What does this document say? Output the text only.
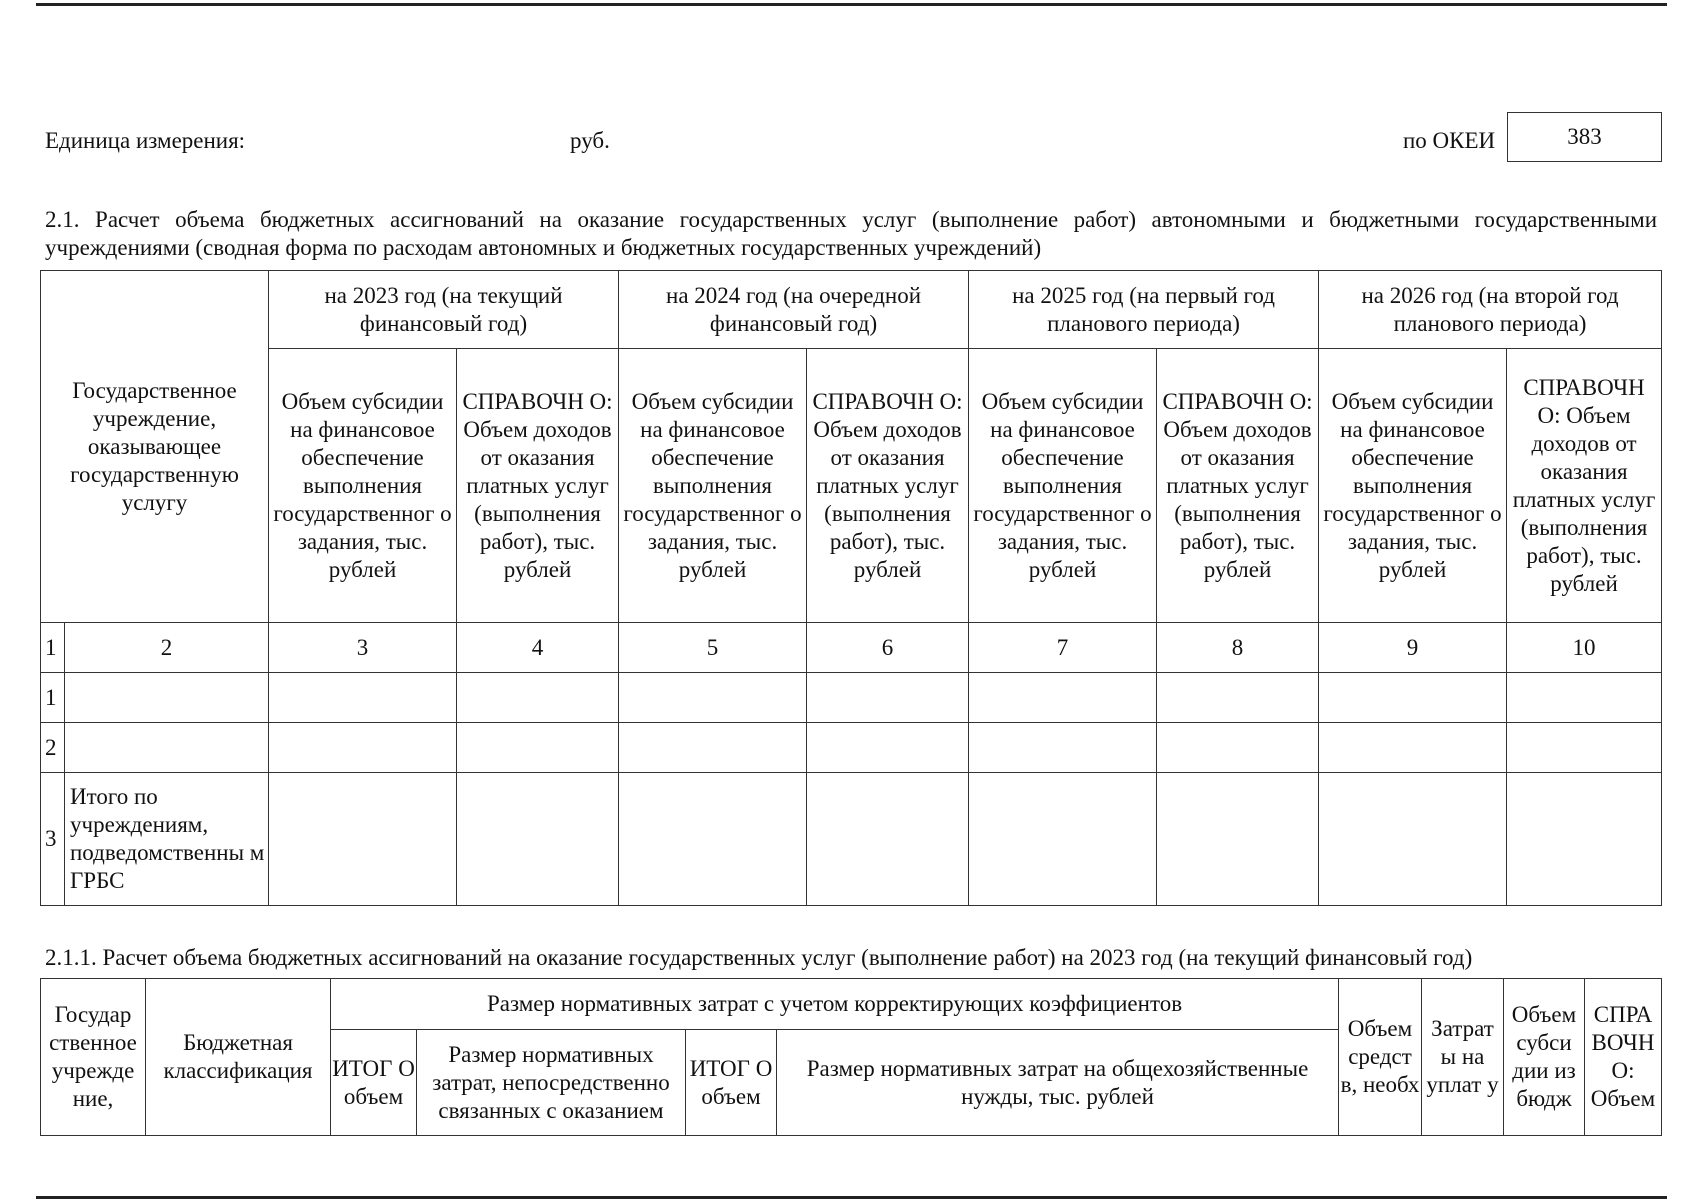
Единица измерения:	руб.	по ОКЕИ	383
2.1. Расчет объема бюджетных ассигнований на оказание государственных услуг (выполнение работ) автономными и бюджетными государственными учреждениями (сводная форма по расходам автономных и бюджетных государственных учреждений)
Государственное учреждение, оказывающее государственную услугу		на 2023 год (на текущий финансовый год)		на 2024 год (на очередной финансовый год)		на 2025 год (на первый год планового периода)		на 2026 год (на второй год планового периода)	
		Объем субсидии на финансовое обеспечение выполнения государственног о задания, тыс. рублей	СПРАВОЧН О: Объем доходов от оказания платных услуг (выполнения работ), тыс. рублей	Объем субсидии на финансовое обеспечение выполнения государственног о задания, тыс. рублей	СПРАВОЧН О: Объем доходов от оказания платных услуг (выполнения работ), тыс. рублей	Объем субсидии на финансовое обеспечение выполнения государственног о задания, тыс. рублей	СПРАВОЧН О: Объем доходов от оказания платных услуг (выполнения работ), тыс. рублей	Объем субсидии на финансовое обеспечение выполнения государственног о задания, тыс. рублей	СПРАВОЧН О: Объем доходов от оказания платных услуг (выполнения работ), тыс. рублей
1	2	3	4	5	6	7	8	9	10
1									
2									
3	Итого по учреждениям, подведомственны м ГРБС								
2.1.1. Расчет объема бюджетных ассигнований на оказание государственных услуг (выполнение работ) на 2023 год (на текущий финансовый год)
Государ ственное учрежде ние,	Бюджетная классификация	Размер нормативных затрат с учетом корректирующих коэффициентов				Объем средст в, необх	Затрат ы на уплат у	Объем субси дии из бюдж	СПРА ВОЧН О: Объем
		ИТОГ О объем	Размер нормативных затрат, непосредственно связанных с оказанием	ИТОГ О объем	Размер нормативных затрат на общехозяйственные нужды, тыс. рублей				
